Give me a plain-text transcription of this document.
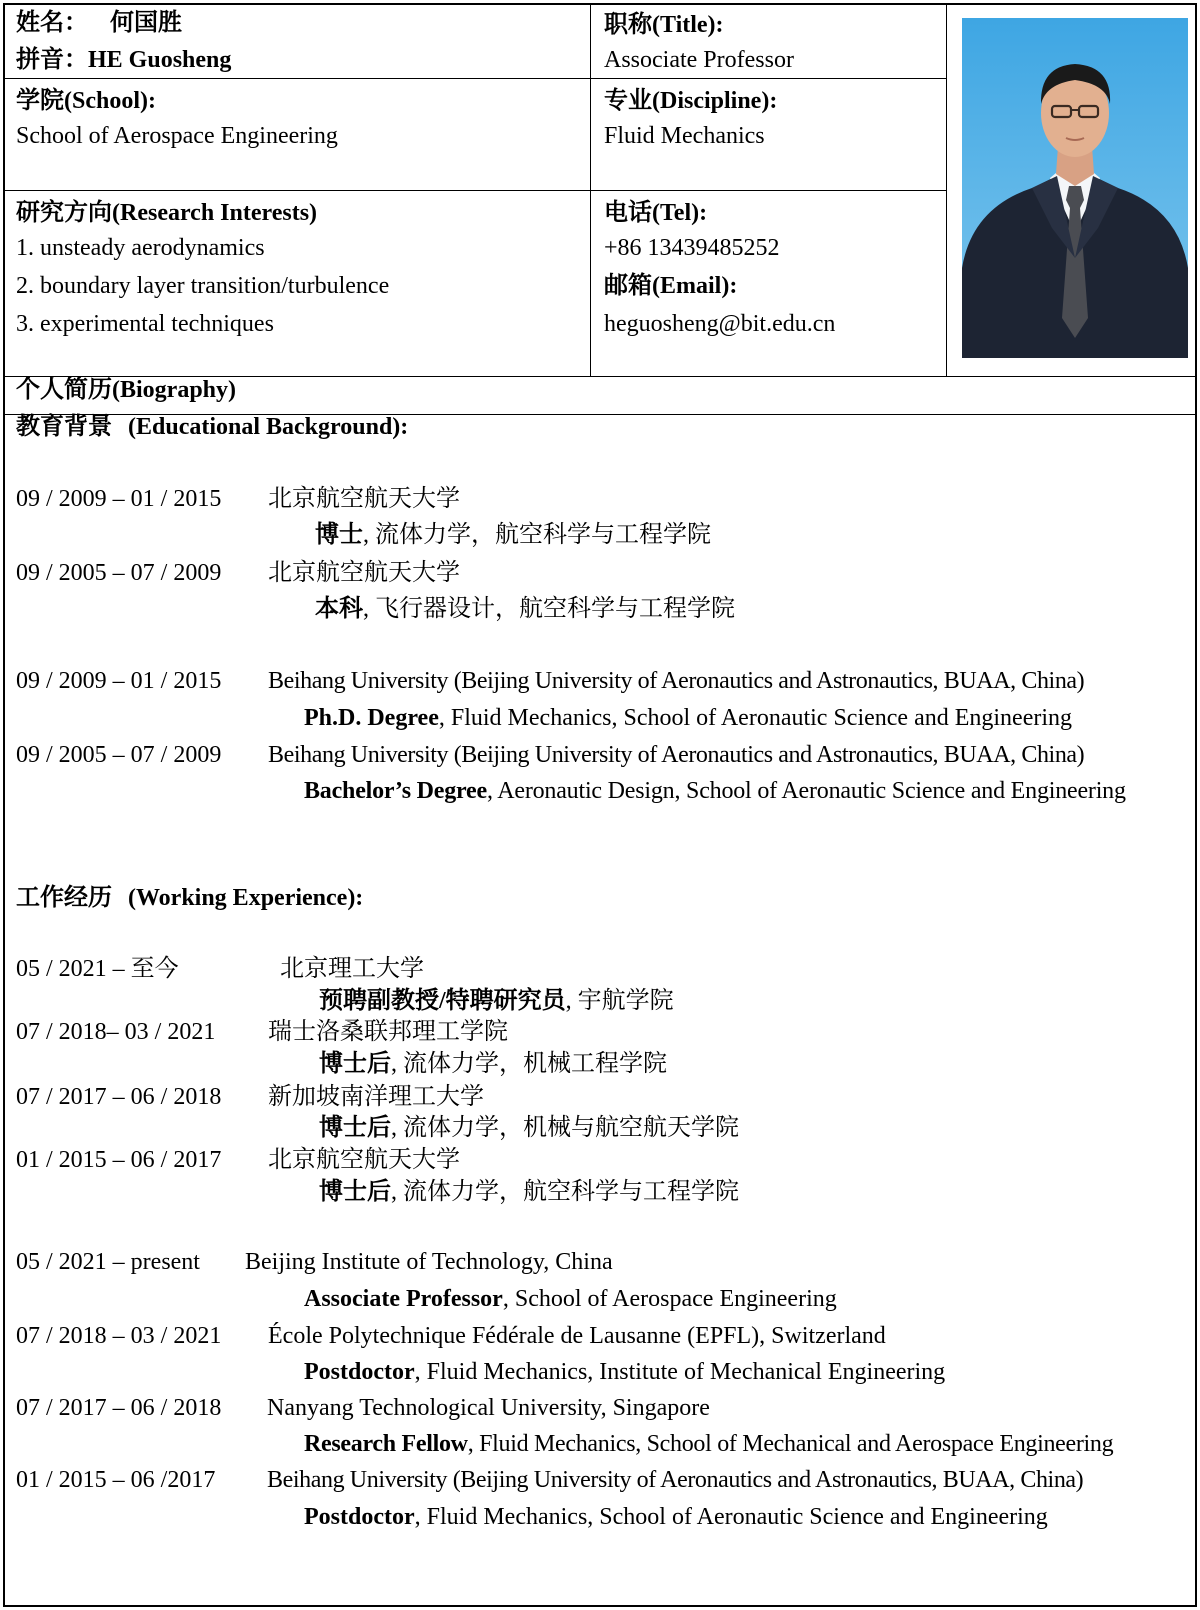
姓名： 何国胜
拼音：HE Guosheng
职称(Title):
Associate Professor
学院(School):
School of Aerospace Engineering
专业(Discipline):
Fluid Mechanics
研究方向(Research Interests)
1. unsteady aerodynamics
2. boundary layer transition/turbulence
3. experimental techniques
电话(Tel):
+86 13439485252
邮箱(Email):
heguosheng@bit.edu.cn
个人简历(Biography)
教育背景 (Educational Background):
09 / 2009 – 01 / 2015 北京航空航天大学
博士, 流体力学，航空科学与工程学院
09 / 2005 – 07 / 2009 北京航空航天大学
本科, 飞行器设计，航空科学与工程学院
09 / 2009 – 01 / 2015 Beihang University (Beijing University of Aeronautics and Astronautics, BUAA, China)
Ph.D. Degree, Fluid Mechanics, School of Aeronautic Science and Engineering
09 / 2005 – 07 / 2009 Beihang University (Beijing University of Aeronautics and Astronautics, BUAA, China)
Bachelor’s Degree, Aeronautic Design, School of Aeronautic Science and Engineering
工作经历 (Working Experience):
05 / 2021 – 至今	北京理工大学
预聘副教授/特聘研究员, 宇航学院
07 / 2018– 03 / 2021 瑞士洛桑联邦理工学院
博士后, 流体力学，机械工程学院
07 / 2017 – 06 / 2018 新加坡南洋理工大学
博士后, 流体力学，机械与航空航天学院
01 / 2015 – 06 / 2017 北京航空航天大学
博士后, 流体力学，航空科学与工程学院
05 / 2021 – present Beijing Institute of Technology, China
Associate Professor, School of Aerospace Engineering
07 / 2018 – 03 / 2021 École Polytechnique Fédérale de Lausanne (EPFL), Switzerland
Postdoctor, Fluid Mechanics, Institute of Mechanical Engineering
07 / 2017 – 06 / 2018 Nanyang Technological University, Singapore
Research Fellow, Fluid Mechanics, School of Mechanical and Aerospace Engineering
01 / 2015 – 06 /2017 Beihang University (Beijing University of Aeronautics and Astronautics, BUAA, China)
Postdoctor, Fluid Mechanics, School of Aeronautic Science and Engineering
